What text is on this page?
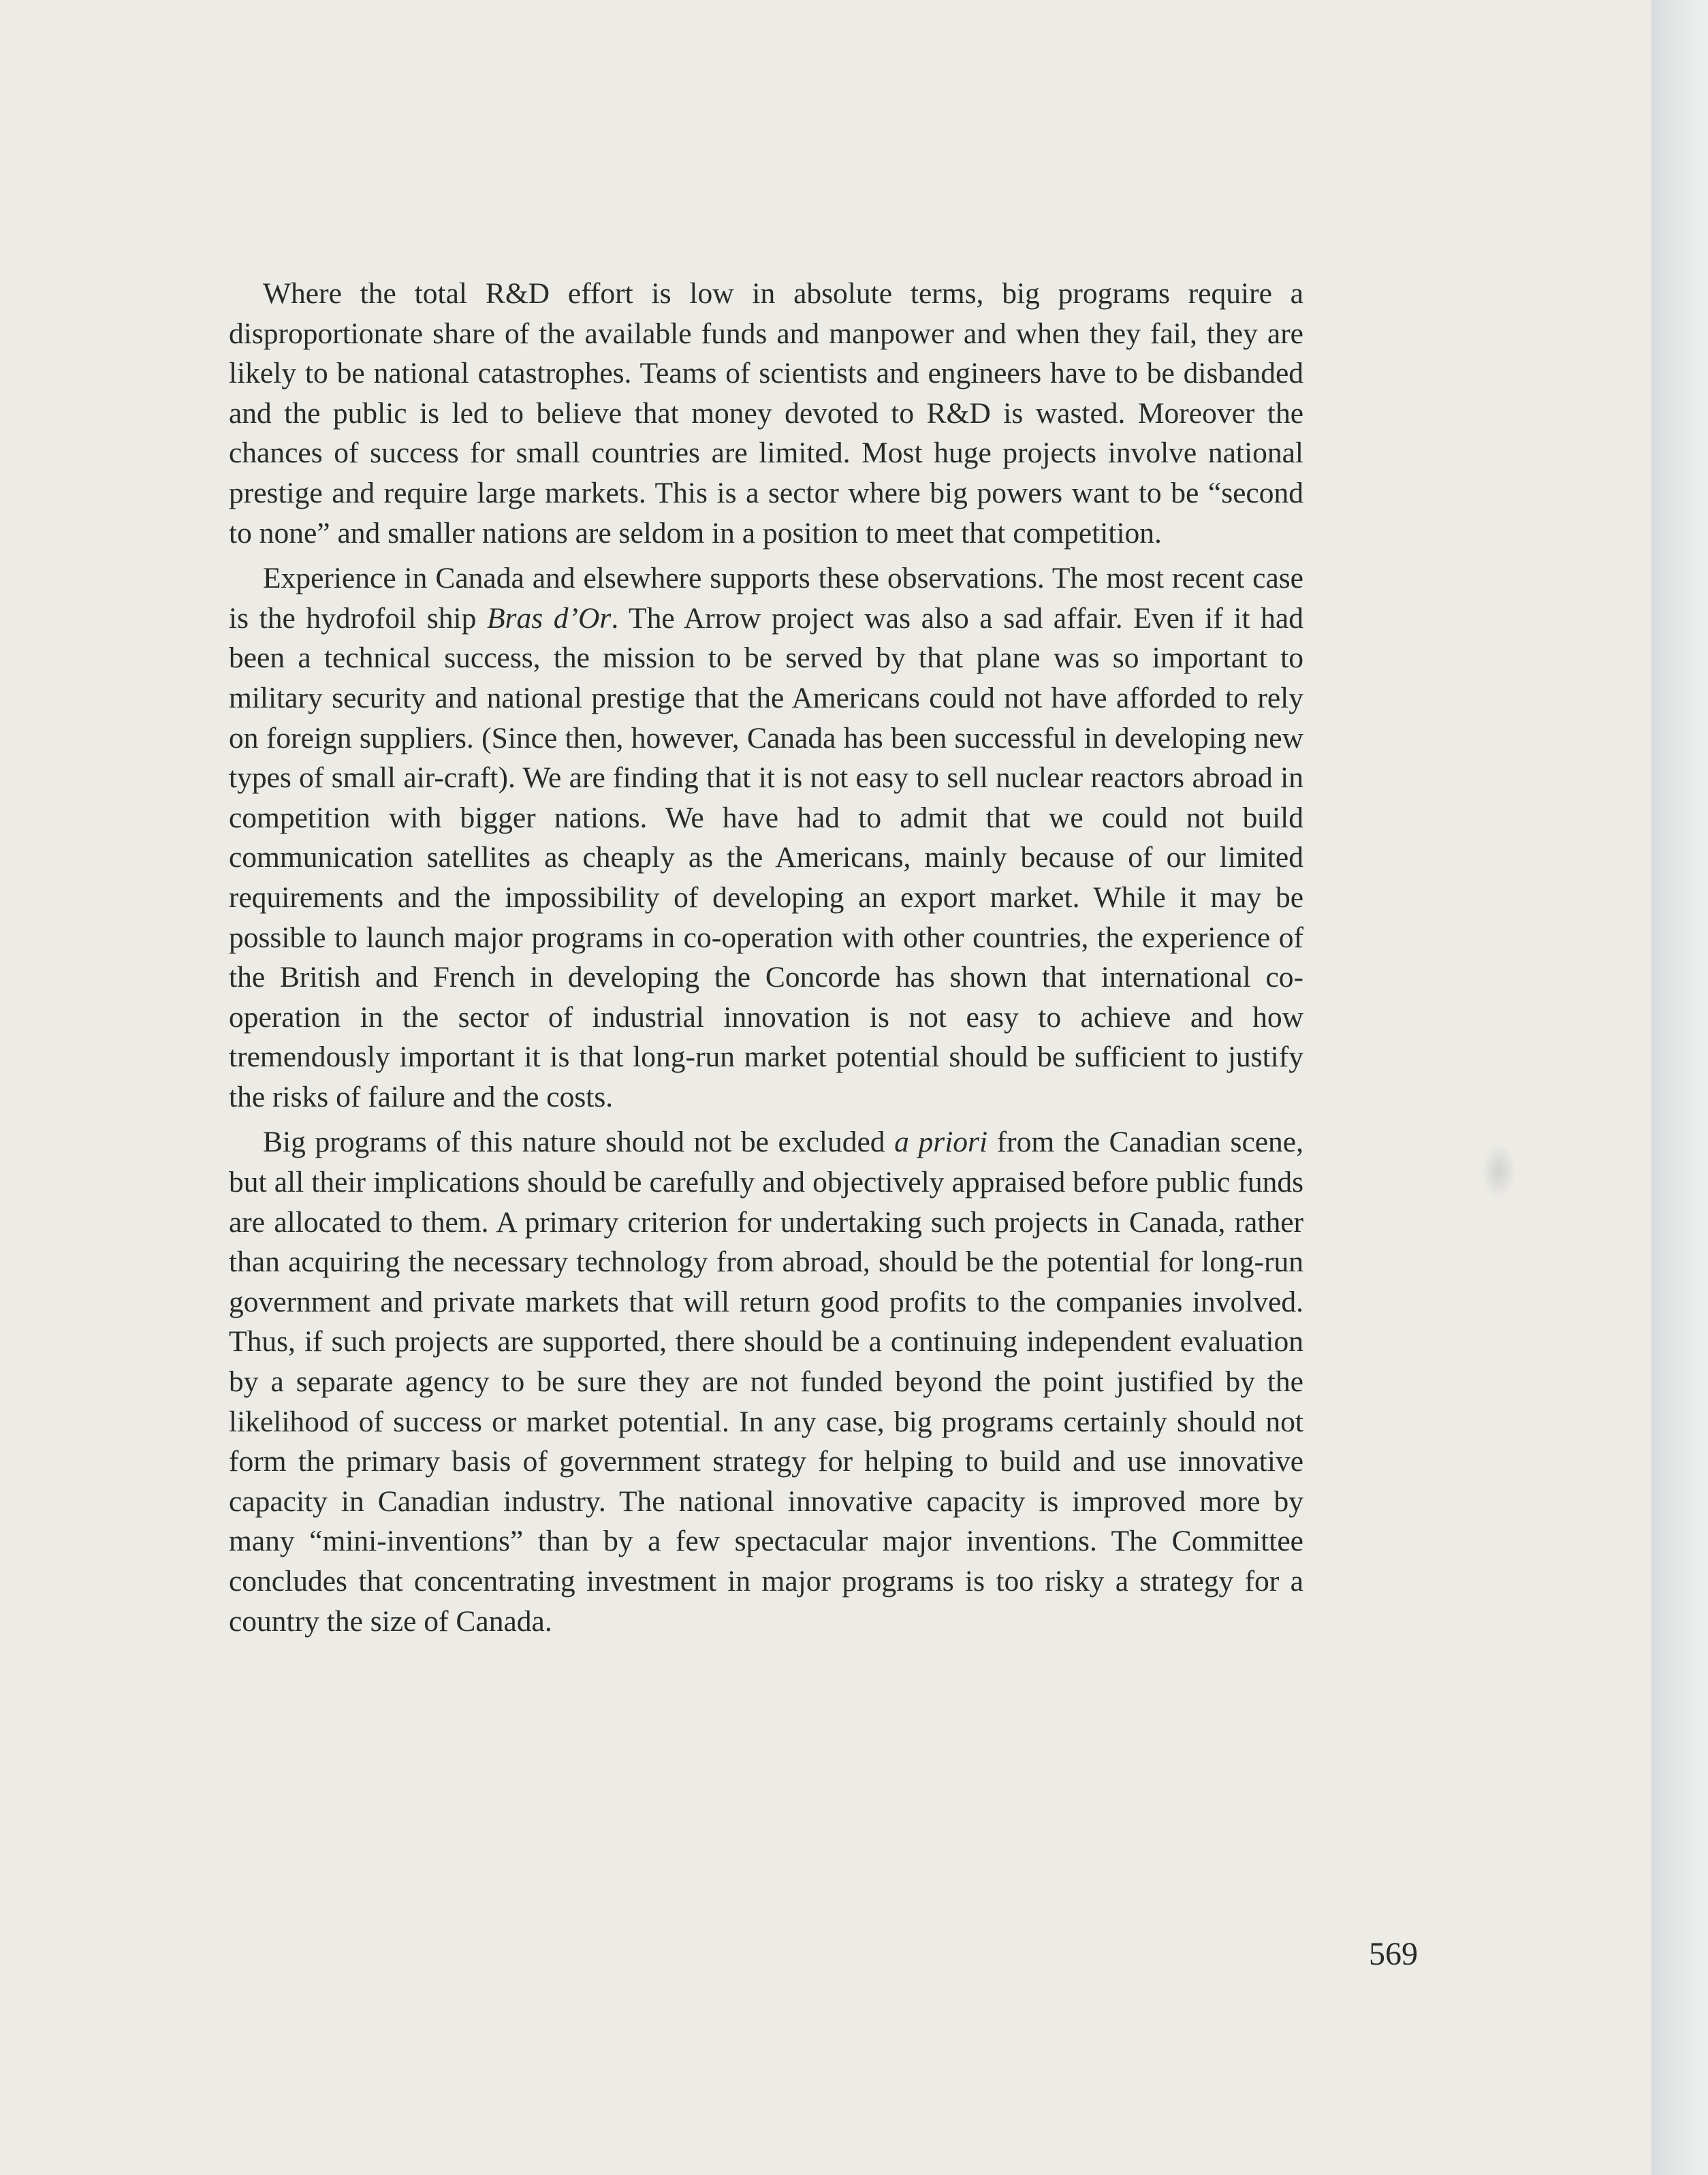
Where the total R&D effort is low in absolute terms, big programs require a disproportionate share of the available funds and manpower and when they fail, they are likely to be national catastrophes. Teams of scientists and engineers have to be disbanded and the public is led to believe that money devoted to R&D is wasted. Moreover the chances of success for small countries are limited. Most huge projects involve national prestige and require large markets. This is a sector where big powers want to be “second to none” and smaller nations are seldom in a position to meet that competition.

Experience in Canada and elsewhere supports these observations. The most recent case is the hydrofoil ship Bras d’Or. The Arrow project was also a sad affair. Even if it had been a technical success, the mission to be served by that plane was so important to military security and national prestige that the Americans could not have afforded to rely on foreign suppliers. (Since then, however, Canada has been successful in developing new types of small air-craft). We are finding that it is not easy to sell nuclear reactors abroad in competition with bigger nations. We have had to admit that we could not build communication satellites as cheaply as the Americans, mainly because of our limited requirements and the impossibility of developing an export market. While it may be possible to launch major programs in co-operation with other countries, the experience of the British and French in developing the Concorde has shown that international co-operation in the sector of industrial innovation is not easy to achieve and how tremendously important it is that long-run market potential should be sufficient to justify the risks of failure and the costs.

Big programs of this nature should not be excluded a priori from the Canadian scene, but all their implications should be carefully and objectively appraised before public funds are allocated to them. A primary criterion for undertaking such projects in Canada, rather than acquiring the necessary technology from abroad, should be the potential for long-run government and private markets that will return good profits to the companies involved. Thus, if such projects are supported, there should be a continuing independent evaluation by a separate agency to be sure they are not funded beyond the point justified by the likelihood of success or market potential. In any case, big programs certainly should not form the primary basis of government strategy for helping to build and use innovative capacity in Canadian industry. The national innovative capacity is improved more by many “mini-inventions” than by a few spectacular major inventions. The Committee concludes that concentrating investment in major programs is too risky a strategy for a country the size of Canada.

569
